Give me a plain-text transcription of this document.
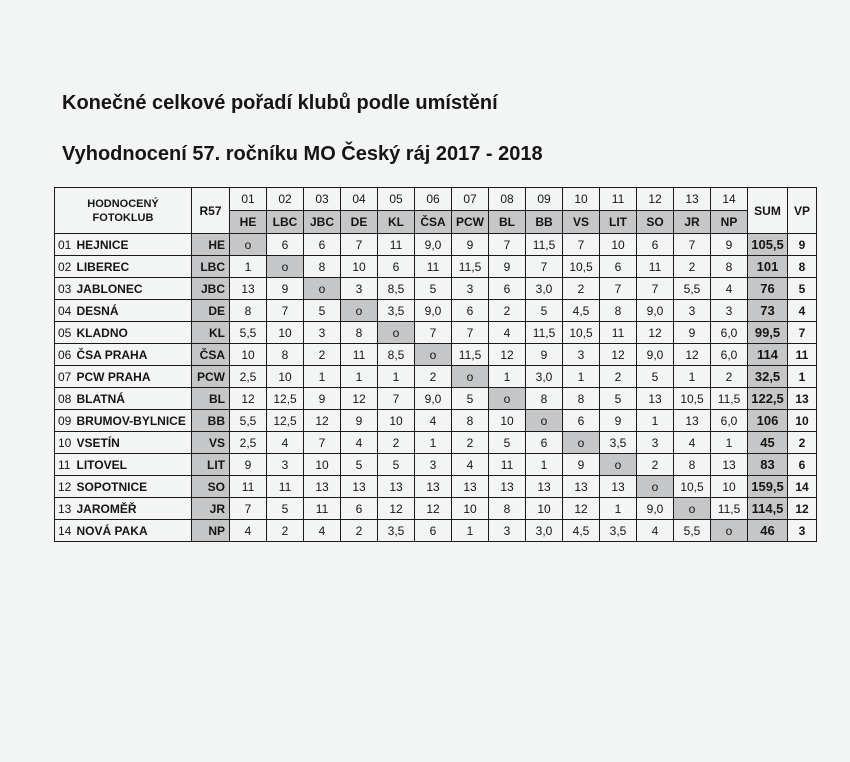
Konečné celkové pořadí klubů podle umístění
Vyhodnocení 57. ročníku MO Český ráj 2017 - 2018
HODNOCENÝ
FOTOKLUB		R57	01	02	03	04	05	06	07	08	09	10	11	12	13	14	SUM	VP
			HE	LBC	JBC	DE	KL	ČSA	PCW	BL	BB	VS	LIT	SO	JR	NP		
01	HEJNICE	HE	o	6	6	7	11	9,0	9	7	11,5	7	10	6	7	9	105,5	9
02	LIBEREC	LBC	1	o	8	10	6	11	11,5	9	7	10,5	6	11	2	8	101	8
03	JABLONEC	JBC	13	9	o	3	8,5	5	3	6	3,0	2	7	7	5,5	4	76	5
04	DESNÁ	DE	8	7	5	o	3,5	9,0	6	2	5	4,5	8	9,0	3	3	73	4
05	KLADNO	KL	5,5	10	3	8	o	7	7	4	11,5	10,5	11	12	9	6,0	99,5	7
06	ČSA PRAHA	ČSA	10	8	2	11	8,5	o	11,5	12	9	3	12	9,0	12	6,0	114	11
07	PCW PRAHA	PCW	2,5	10	1	1	1	2	o	1	3,0	1	2	5	1	2	32,5	1
08	BLATNÁ	BL	12	12,5	9	12	7	9,0	5	o	8	8	5	13	10,5	11,5	122,5	13
09	BRUMOV-BYLNICE	BB	5,5	12,5	12	9	10	4	8	10	o	6	9	1	13	6,0	106	10
10	VSETÍN	VS	2,5	4	7	4	2	1	2	5	6	o	3,5	3	4	1	45	2
11	LITOVEL	LIT	9	3	10	5	5	3	4	11	1	9	o	2	8	13	83	6
12	SOPOTNICE	SO	11	11	13	13	13	13	13	13	13	13	13	o	10,5	10	159,5	14
13	JAROMĚŘ	JR	7	5	11	6	12	12	10	8	10	12	1	9,0	o	11,5	114,5	12
14	NOVÁ PAKA	NP	4	2	4	2	3,5	6	1	3	3,0	4,5	3,5	4	5,5	o	46	3
